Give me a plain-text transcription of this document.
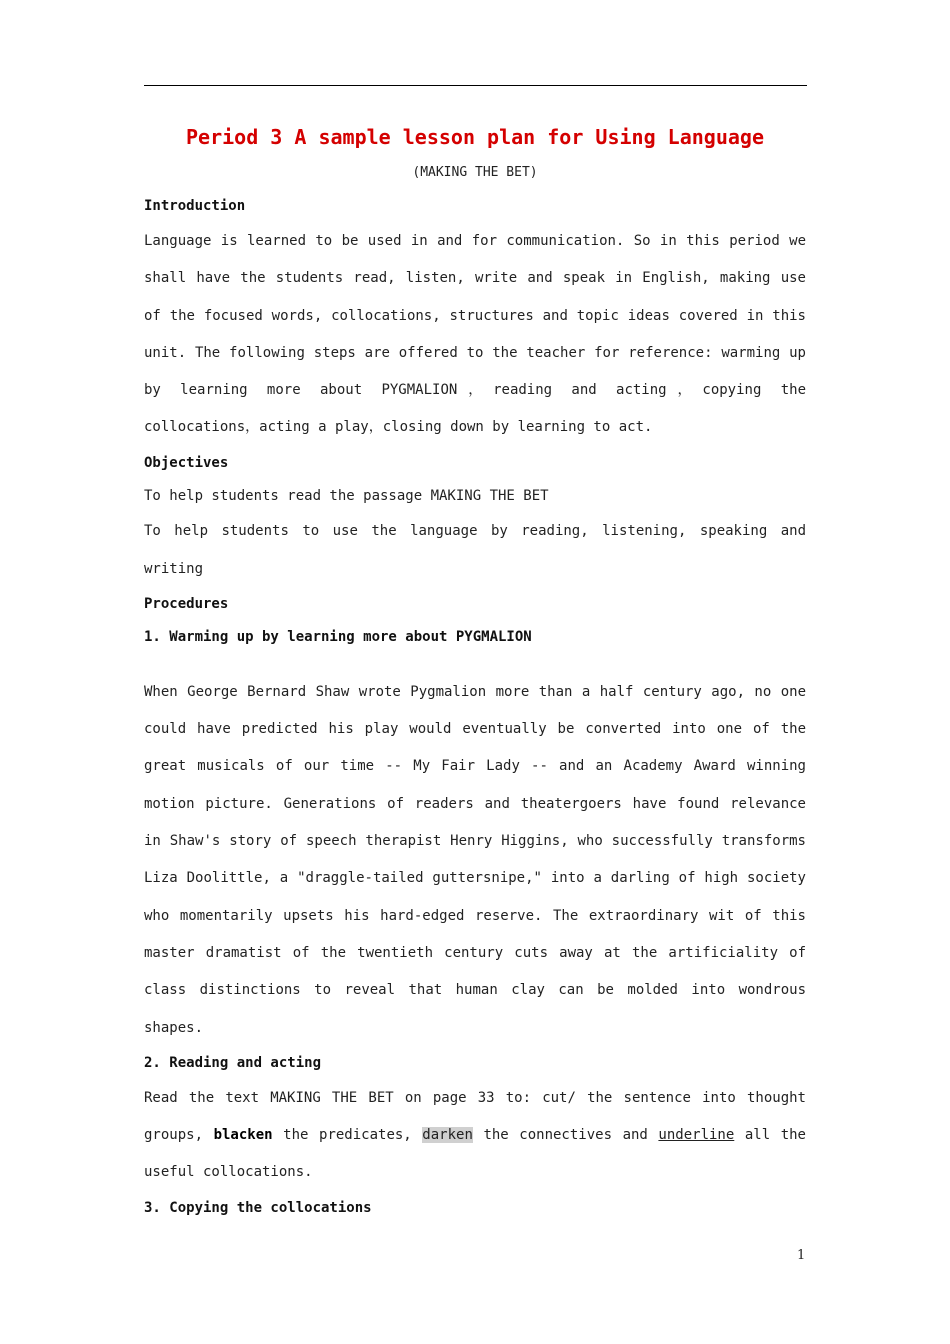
Period 3 A sample lesson plan for Using Language

(MAKING THE BET)

Introduction

Language is learned to be used in and for communication. So in this period we shall have the students read, listen, write and speak in English, making use of the focused words, collocations, structures and topic ideas covered in this unit. The following steps are offered to the teacher for reference: warming up by learning more about PYGMALION，reading and acting，copying the collocations，acting a play，closing down by learning to act.

Objectives

To help students read the passage MAKING THE BET

To help students to use the language by reading, listening, speaking and writing

Procedures

1. Warming up by learning more about PYGMALION

When George Bernard Shaw wrote Pygmalion more than a half century ago, no one could have predicted his play would eventually be converted into one of the great musicals of our time -- My Fair Lady -- and an Academy Award winning motion picture. Generations of readers and theatergoers have found relevance in Shaw's story of speech therapist Henry Higgins, who successfully transforms Liza Doolittle, a "draggle-tailed guttersnipe," into a darling of high society who momentarily upsets his hard-edged reserve. The extraordinary wit of this master dramatist of the twentieth century cuts away at the artificiality of class distinctions to reveal that human clay can be molded into wondrous shapes.

2. Reading and acting

Read the text MAKING THE BET on page 33 to: cut/ the sentence into thought groups, blacken the predicates, darken the connectives and underline all the useful collocations.

3. Copying the collocations

1
